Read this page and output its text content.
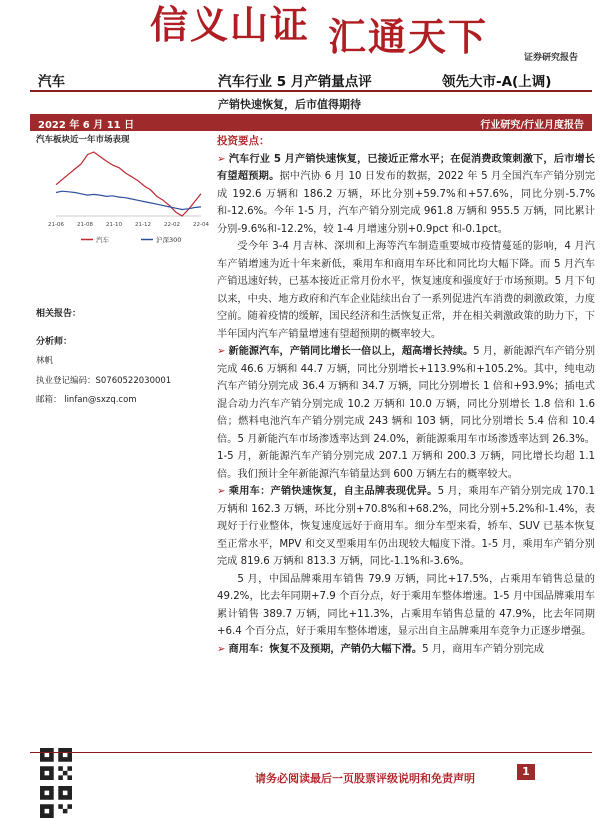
信义山证 汇通天下	证券研究报告
汽车	汽车行业 5 月产销量点评	领先大市-A(上调)
产销快速恢复，后市值得期待
2022 年 6 月 11 日	行业研究/行业月度报告
汽车板块近一年市场表现
21-06 21-08 21-10 21-12 22-02 22-04
汽车	沪深300
相关报告：
分析师：
林帆
执业登记编码：S0760522030001
邮箱： linfan@sxzq.com

投资要点：

➢ 汽车行业 5 月产销快速恢复，已接近正常水平；在促消费政策刺激下，后市增长有望超预期。据中汽协 6 月 10 日发布的数据，2022 年 5 月全国汽车产销分别完成 192.6 万辆和 186.2 万辆，环比分别+59.7%和+57.6%，同比分别-5.7%和-12.6%。今年 1-5 月，汽车产销分别完成 961.8 万辆和 955.5 万辆，同比累计分别-9.6%和-12.2%，较 1-4 月增速分别+0.9pct 和-0.1pct。

受今年 3-4 月吉林、深圳和上海等汽车制造重要城市疫情蔓延的影响，4 月汽车产销增速为近十年来新低，乘用车和商用车环比和同比均大幅下降。而 5 月汽车产销迅速好转，已基本接近正常月份水平，恢复速度和强度好于市场预期。5 月下旬以来，中央、地方政府和汽车企业陆续出台了一系列促进汽车消费的刺激政策，力度空前。随着疫情的缓解，国民经济和生活恢复正常，并在相关刺激政策的助力下，下半年国内汽车产销量增速有望超预期的概率较大。

➢ 新能源汽车，产销同比增长一倍以上，超高增长持续。5 月，新能源汽车产销分别完成 46.6 万辆和 44.7 万辆，同比分别增长+113.9%和+105.2%。其中，纯电动汽车产销分别完成 36.4 万辆和 34.7 万辆，同比分别增长 1 倍和+93.9%；插电式混合动力汽车产销分别完成 10.2 万辆和 10.0 万辆，同比分别增长 1.8 倍和 1.6 倍；燃料电池汽车产销分别完成 243 辆和 103 辆，同比分别增长 5.4 倍和 10.4 倍。5 月新能汽车市场渗透率达到 24.0%，新能源乘用车市场渗透率达到 26.3%。1-5 月，新能源汽车产销分别完成 207.1 万辆和 200.3 万辆，同比增长均超 1.1 倍。我们预计全年新能源汽车销量达到 600 万辆左右的概率较大。

➢ 乘用车：产销快速恢复，自主品牌表现优异。5 月，乘用车产销分别完成 170.1 万辆和 162.3 万辆，环比分别+70.8%和+68.2%，同比分别+5.2%和-1.4%，表现好于行业整体，恢复速度远好于商用车。细分车型来看，轿车、SUV 已基本恢复至正常水平，MPV 和交叉型乘用车仍出现较大幅度下滑。1-5 月，乘用车产销分别完成 819.6 万辆和 813.3 万辆，同比-1.1%和-3.6%。

5 月，中国品牌乘用车销售 79.9 万辆，同比+17.5%，占乘用车销售总量的 49.2%，比去年同期+7.9 个百分点，好于乘用车整体增速。1-5 月中国品牌乘用车累计销售 389.7 万辆，同比+11.3%，占乘用车销售总量的 47.9%，比去年同期+6.4 个百分点，好于乘用车整体增速，显示出自主品牌乘用车竞争力正逐步增强。

➢ 商用车：恢复不及预期，产销仍大幅下滑。5 月，商用车产销分别完成

请务必阅读最后一页股票评级说明和免责声明
1
